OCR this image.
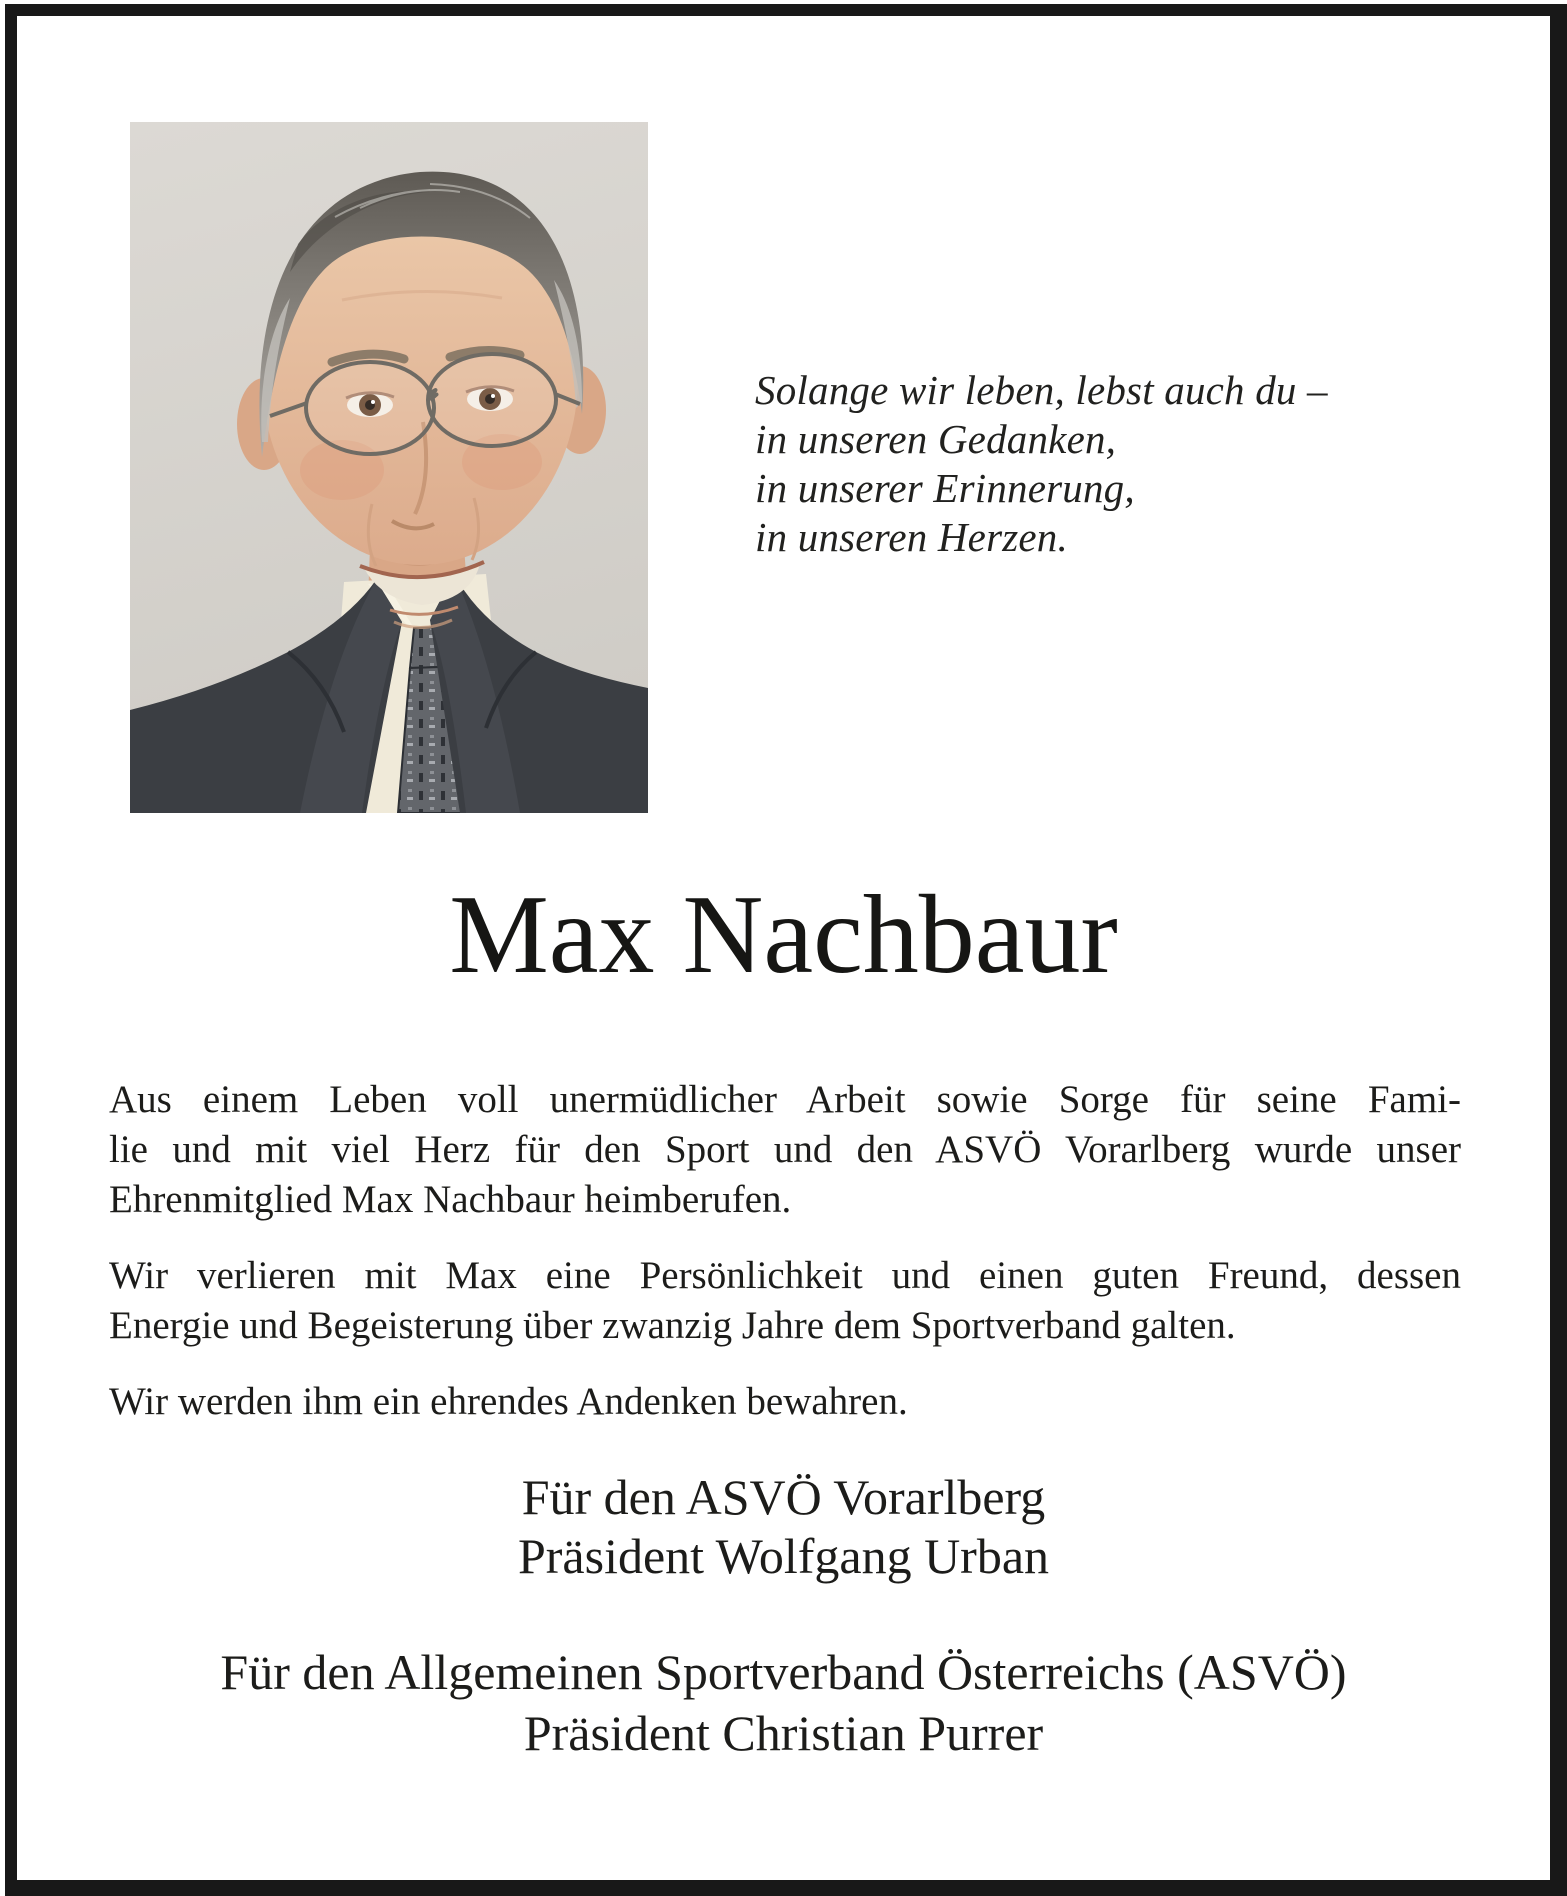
Solange wir leben, lebst auch du –
in unseren Gedanken,
in unserer Erinnerung,
in unseren Herzen.
Max Nachbaur

Aus einem Leben voll unermüdlicher Arbeit sowie Sorge für seine Fami-
lie und mit viel Herz für den Sport und den ASVÖ Vorarlberg wurde unser
Ehrenmitglied Max Nachbaur heimberufen.

Wir verlieren mit Max eine Persönlichkeit und einen guten Freund, dessen
Energie und Begeisterung über zwanzig Jahre dem Sportverband galten.

Wir werden ihm ein ehrendes Andenken bewahren.

Für den ASVÖ Vorarlberg
Präsident Wolfgang Urban
Für den Allgemeinen Sportverband Österreichs (ASVÖ)
Präsident Christian Purrer
